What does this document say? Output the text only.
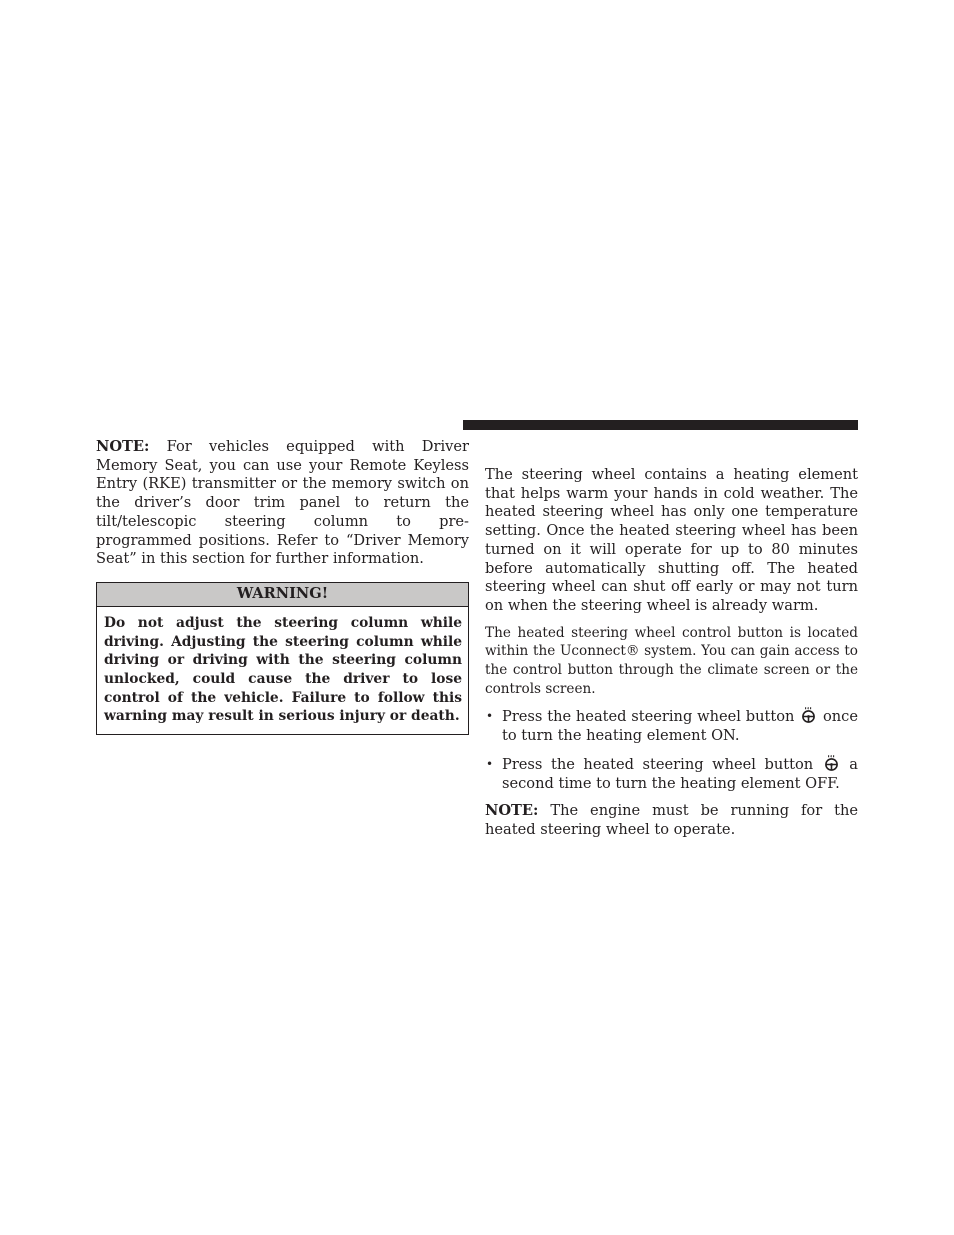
NOTE: For vehicles equipped with Driver Memory Seat, you can use your Remote Keyless Entry (RKE) transmitter or the memory switch on the driver’s door trim panel to return the tilt/telescopic steering column to pre-programmed positions. Refer to “Driver Memory Seat” in this section for further information.

WARNING!
Do not adjust the steering column while driving. Adjusting the steering column while driving or driving with the steering column unlocked, could cause the driver to lose control of the vehicle. Failure to follow this warning may result in serious injury or death.

The steering wheel contains a heating element that helps warm your hands in cold weather. The heated steering wheel has only one temperature setting. Once the heated steering wheel has been turned on it will operate for up to 80 minutes before automatically shutting off. The heated steering wheel can shut off early or may not turn on when the steering wheel is already warm.

The heated steering wheel control button is located within the Uconnect® system. You can gain access to the control button through the climate screen or the controls screen.

• Press the heated steering wheel button  once to turn the heating element ON.
• Press the heated steering wheel button  a second time to turn the heating element OFF.

NOTE: The engine must be running for the heated steering wheel to operate.
